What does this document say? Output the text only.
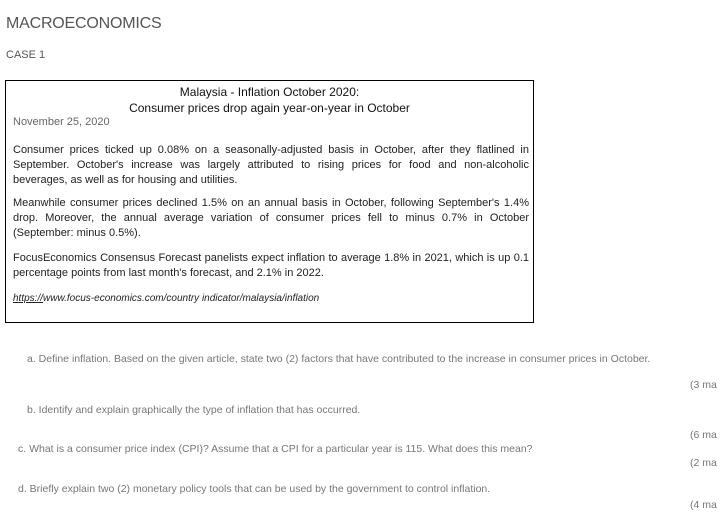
MACROECONOMICS
CASE 1
Malaysia - Inflation October 2020:
Consumer prices drop again year-on-year in October
November 25, 2020

Consumer prices ticked up 0.08% on a seasonally-adjusted basis in October, after they flatlined in September. October's increase was largely attributed to rising prices for food and non-alcoholic beverages, as well as for housing and utilities.

Meanwhile consumer prices declined 1.5% on an annual basis in October, following September's 1.4% drop. Moreover, the annual average variation of consumer prices fell to minus 0.7% in October (September: minus 0.5%).

FocusEconomics Consensus Forecast panelists expect inflation to average 1.8% in 2021, which is up 0.1 percentage points from last month's forecast, and 2.1% in 2022.

https://www.focus-economics.com/country indicator/malaysia/inflation
a. Define inflation. Based on the given article, state two (2) factors that have contributed to the increase in consumer prices in October.
(3 ma
b. Identify and explain graphically the type of inflation that has occurred.
(6 ma
c. What is a consumer price index (CPI)? Assume that a CPI for a particular year is 115. What does this mean?
(2 ma
d. Briefly explain two (2) monetary policy tools that can be used by the government to control inflation.
(4 ma
